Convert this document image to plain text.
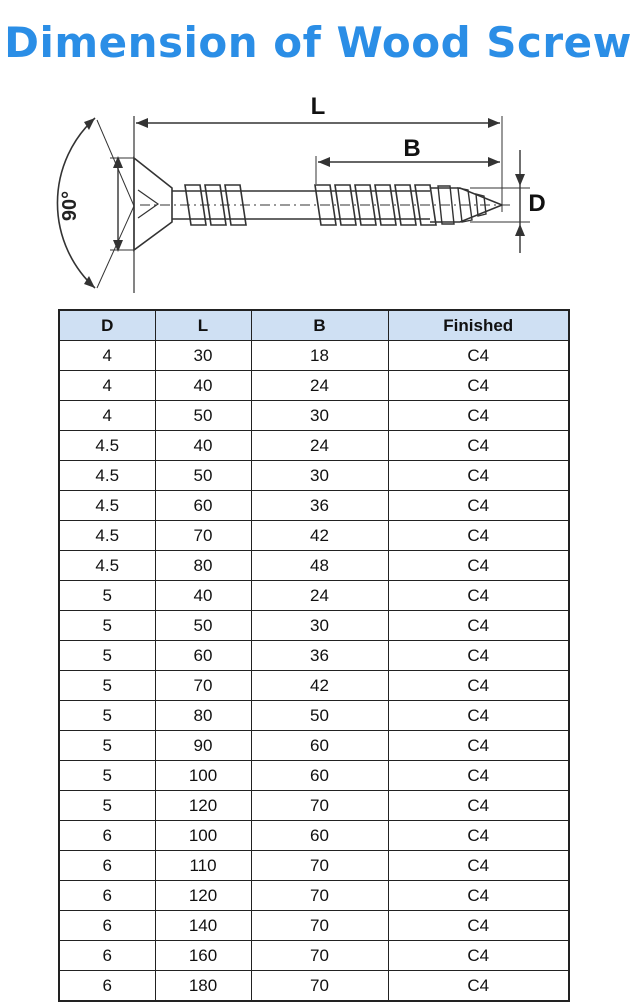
Dimension of Wood Screw
90°
L
B
D
D	L	B	Finished
4	30	18	C4
4	40	24	C4
4	50	30	C4
4.5	40	24	C4
4.5	50	30	C4
4.5	60	36	C4
4.5	70	42	C4
4.5	80	48	C4
5	40	24	C4
5	50	30	C4
5	60	36	C4
5	70	42	C4
5	80	50	C4
5	90	60	C4
5	100	60	C4
5	120	70	C4
6	100	60	C4
6	110	70	C4
6	120	70	C4
6	140	70	C4
6	160	70	C4
6	180	70	C4
